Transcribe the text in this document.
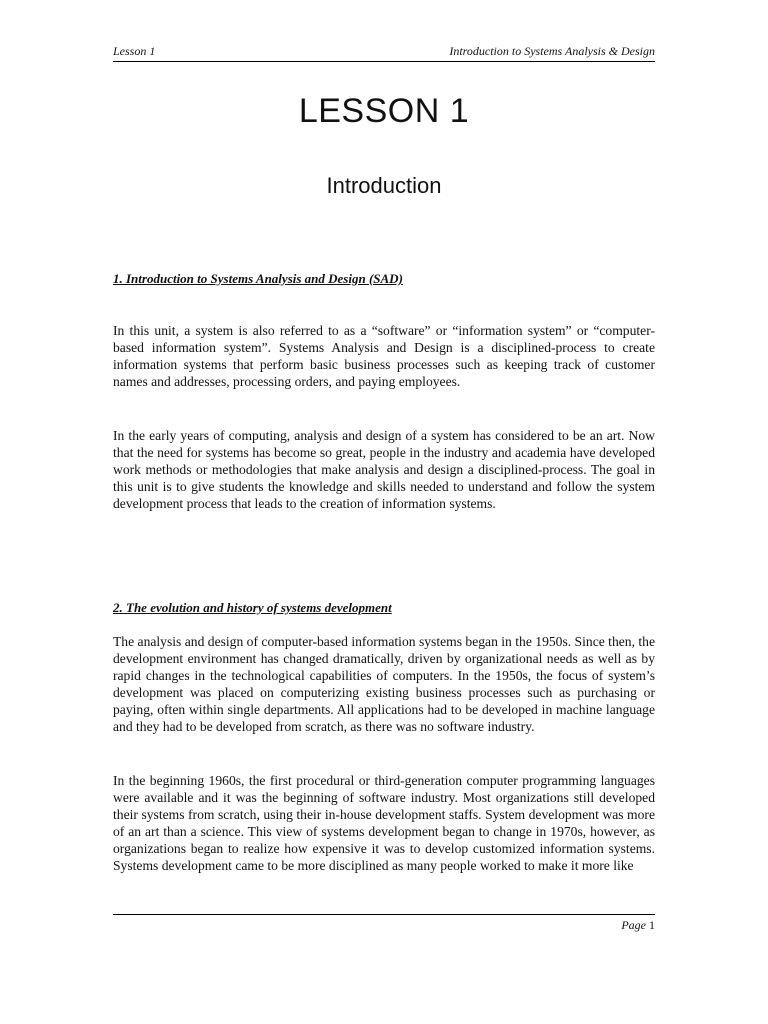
Lesson 1	Introduction to Systems Analysis & Design
LESSON 1
Introduction
1. Introduction to Systems Analysis and Design (SAD)

In this unit, a system is also referred to as a “software” or “information system” or “computer-based information system”. Systems Analysis and Design is a disciplined-process to create information systems that perform basic business processes such as keeping track of customer names and addresses, processing orders, and paying employees.

In the early years of computing, analysis and design of a system has considered to be an art. Now that the need for systems has become so great, people in the industry and academia have developed work methods or methodologies that make analysis and design a disciplined-process. The goal in this unit is to give students the knowledge and skills needed to understand and follow the system development process that leads to the creation of information systems.

2. The evolution and history of systems development

The analysis and design of computer-based information systems began in the 1950s. Since then, the development environment has changed dramatically, driven by organizational needs as well as by rapid changes in the technological capabilities of computers. In the 1950s, the focus of system’s development was placed on computerizing existing business processes such as purchasing or paying, often within single departments. All applications had to be developed in machine language and they had to be developed from scratch, as there was no software industry.

In the beginning 1960s, the first procedural or third-generation computer programming languages were available and it was the beginning of software industry. Most organizations still developed their systems from scratch, using their in-house development staffs. System development was more of an art than a science. This view of systems development began to change in 1970s, however, as organizations began to realize how expensive it was to develop customized information systems. Systems development came to be more disciplined as many people worked to make it more like

Page 1
